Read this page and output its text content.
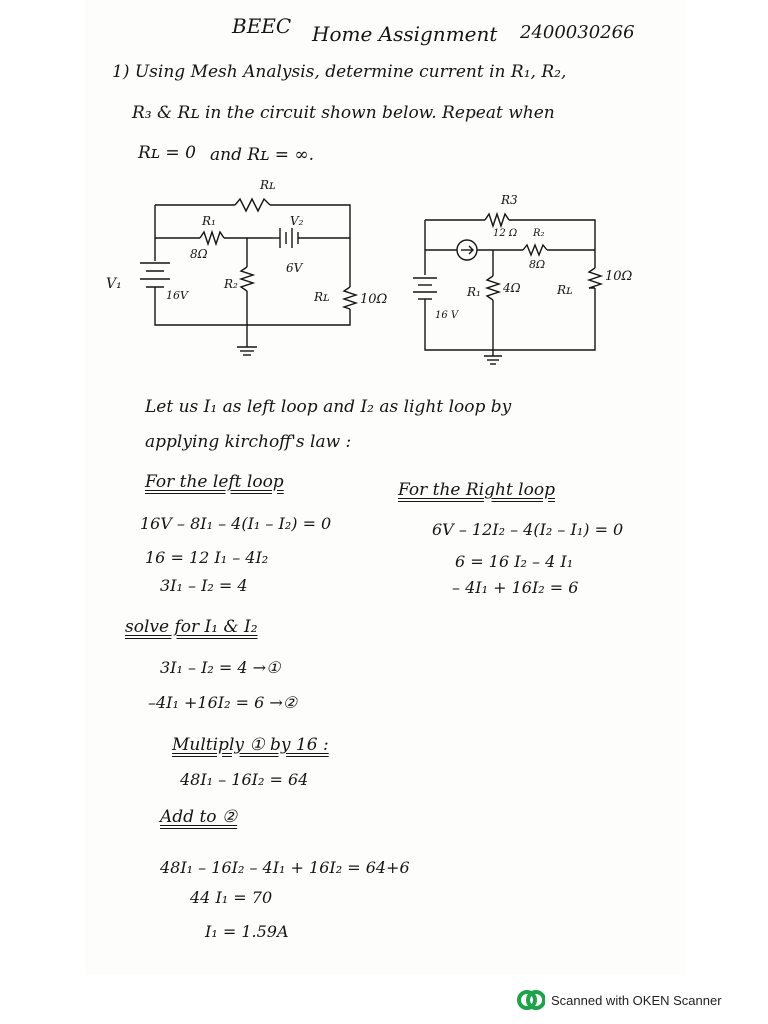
BEEC Home Assignment 2400030266
1) Using Mesh Analysis, determine current in R₁, R₂,
R₃ & Rʟ in the circuit shown below. Repeat when
Rʟ = 0 and Rʟ = ∞.
Rʟ
R₁
8Ω
V₂
6V
V₁
16V
R₂
Rʟ 10Ω
R3
12 Ω R₂
8Ω
R₁ 4Ω	Rʟ
10Ω
16 V
Let us I₁ as left loop and I₂ as light loop by
applying kirchoff's law :
For the left loop	For the Right loop
16V – 8I₁ – 4(I₁ – I₂) = 0
16 = 12 I₁ – 4I₂
3I₁ – I₂ = 4
6V – 12I₂ – 4(I₂ – I₁) = 0
6 = 16 I₂ – 4 I₁
– 4I₁ + 16I₂ = 6
solve for I₁ & I₂
3I₁ – I₂ = 4 →①
–4I₁ +16I₂ = 6 →②
Multiply ① by 16 :
48I₁ – 16I₂ = 64
Add to ②
48I₁ – 16I₂ – 4I₁ + 16I₂ = 64+6
44 I₁ = 70
I₁ = 1.59A
Scanned with OKEN Scanner
